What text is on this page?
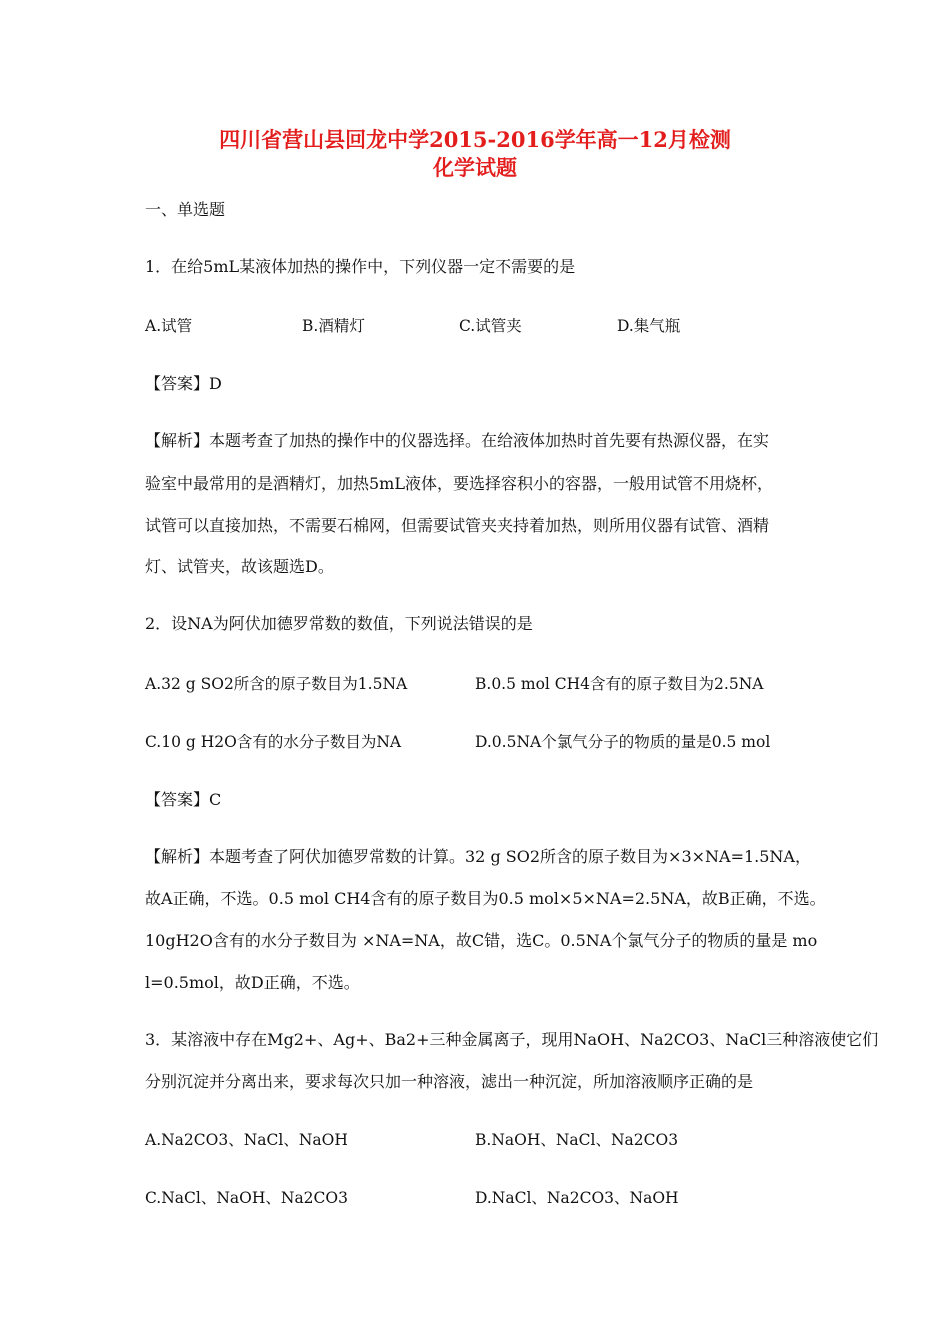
四川省营山县回龙中学2015-2016学年高一12月检测
化学试题
一、单选题
1．在给5mL某液体加热的操作中，下列仪器一定不需要的是
A.试管	B.酒精灯	C.试管夹	D.集气瓶
【答案】D
【解析】本题考查了加热的操作中的仪器选择。在给液体加热时首先要有热源仪器，在实
验室中最常用的是酒精灯，加热5mL液体，要选择容积小的容器，一般用试管不用烧杯，
试管可以直接加热，不需要石棉网，但需要试管夹夹持着加热，则所用仪器有试管、酒精
灯、试管夹，故该题选D。
2．设NA为阿伏加德罗常数的数值，下列说法错误的是
A.32 g SO2所含的原子数目为1.5NA	B.0.5 mol CH4含有的原子数目为2.5NA
C.10 g H2O含有的水分子数目为NA	D.0.5NA个氯气分子的物质的量是0.5 mol
【答案】C
【解析】本题考查了阿伏加德罗常数的计算。32 g SO2所含的原子数目为×3×NA=1.5NA，
故A正确，不选。0.5 mol CH4含有的原子数目为0.5 mol×5×NA=2.5NA，故B正确，不选。
10gH2O含有的水分子数目为 ×NA=NA，故C错，选C。0.5NA个氯气分子的物质的量是 mo
l=0.5mol，故D正确，不选。
3．某溶液中存在Mg2+、Ag+、Ba2+三种金属离子，现用NaOH、Na2CO3、NaCl三种溶液使它们
分别沉淀并分离出来，要求每次只加一种溶液，滤出一种沉淀，所加溶液顺序正确的是
A.Na2CO3、NaCl、NaOH	B.NaOH、NaCl、Na2CO3
C.NaCl、NaOH、Na2CO3	D.NaCl、Na2CO3、NaOH
